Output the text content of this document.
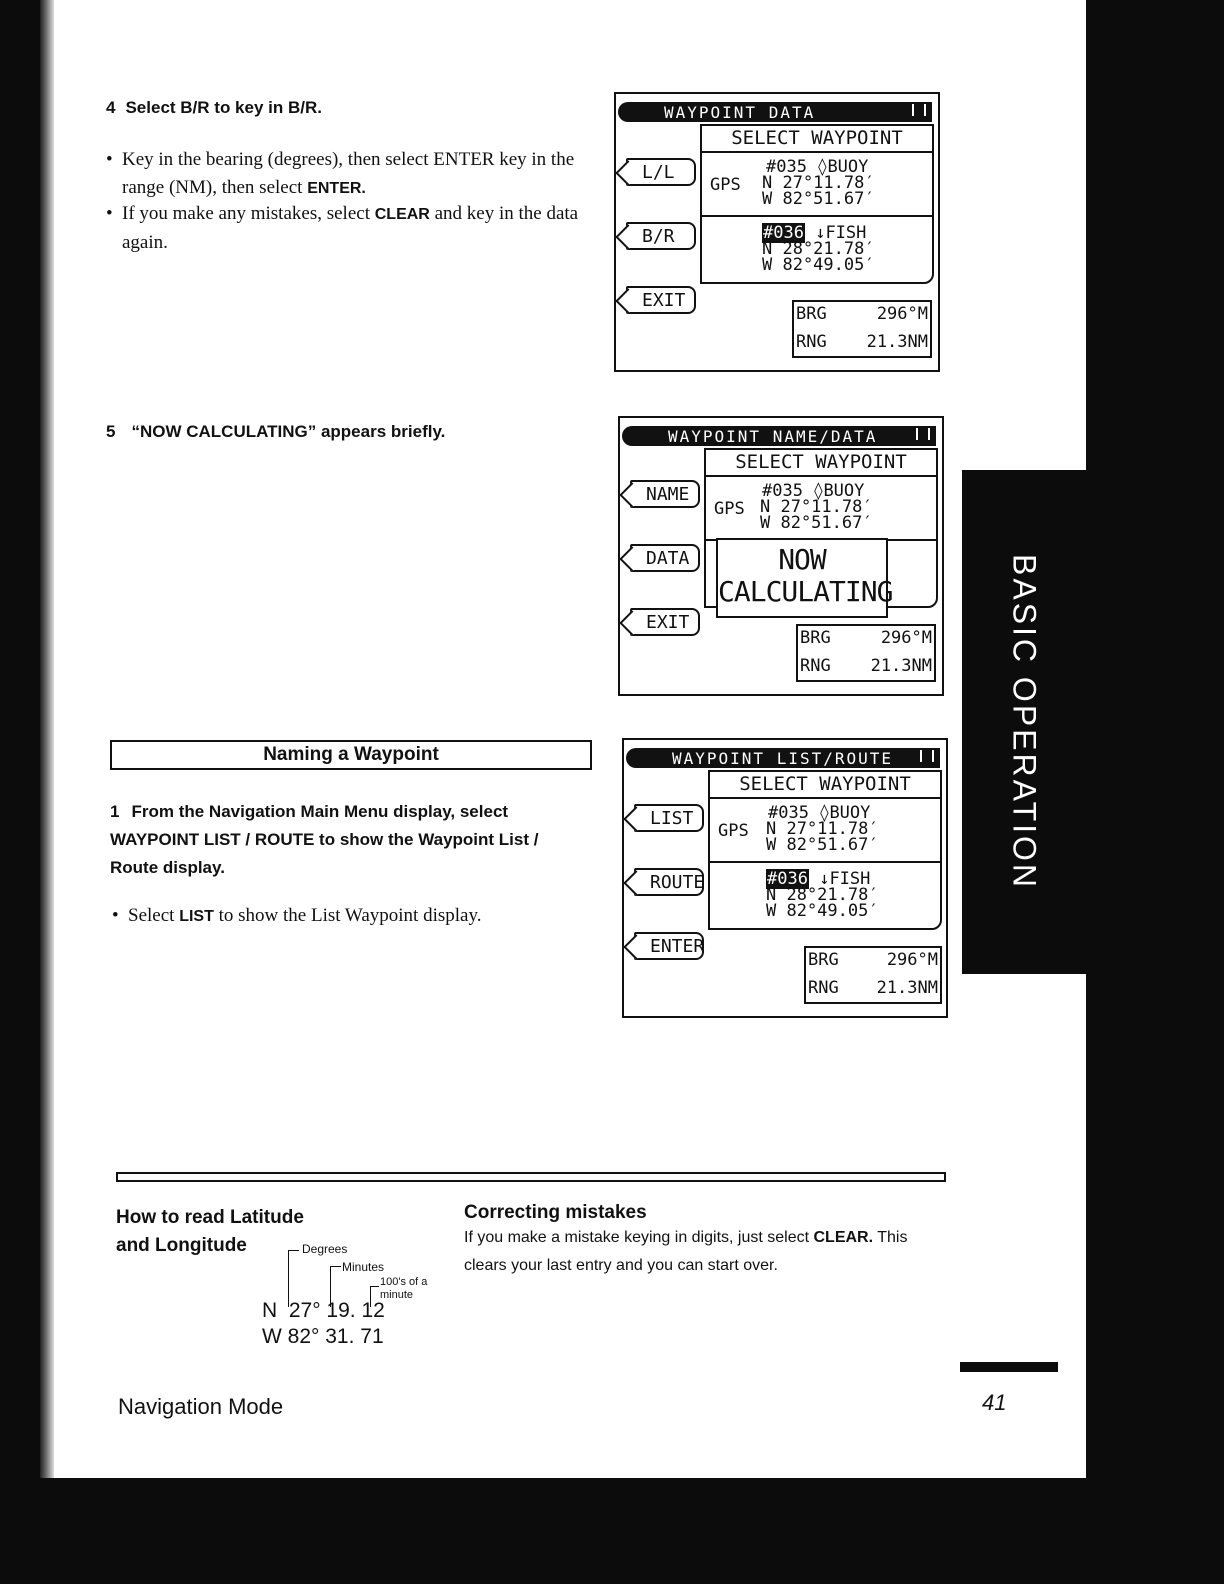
BASIC OPERATION
4 Select B/R to key in B/R.
• Key in the bearing (degrees), then select ENTER key in the range (NM), then select ENTER.
• If you make any mistakes, select CLEAR and key in the data again.
WAYPOINT DATA
SELECT WAYPOINT
#035 ◊BUOY
GPS N 27°11.78′
W 82°51.67′
#036 ↓FISH
N 28°21.78′
W 82°49.05′
L/L
B/R
EXIT
BRG	296°M
RNG 21.3NM
5 “NOW CALCULATING” appears briefly.	WAYPOINT NAME/DATA
SELECT WAYPOINT
#035 ◊BUOY
GPS N 27°11.78′
W 82°51.67′
NOW
CALCULATING
NAME
DATA
EXIT
BRG	296°M
RNG 21.3NM
Naming a Waypoint
1 From the Navigation Main Menu display, select WAYPOINT LIST / ROUTE to show the Waypoint List / Route display.
• Select LIST to show the List Waypoint display.
WAYPOINT LIST/ROUTE
SELECT WAYPOINT
#035 ◊BUOY
GPS N 27°11.78′
W 82°51.67′
#036 ↓FISH
N 28°21.78′
W 82°49.05′
LIST
ROUTE
ENTER
BRG	296°M
RNG 21.3NM
How to read Latitude
and Longitude	Degrees
Minutes
100's of a
minute
N  27° 19. 12
W 82° 31. 71
Correcting mistakes
If you make a mistake keying in digits, just select CLEAR. This clears your last entry and you can start over.
Navigation Mode	41
